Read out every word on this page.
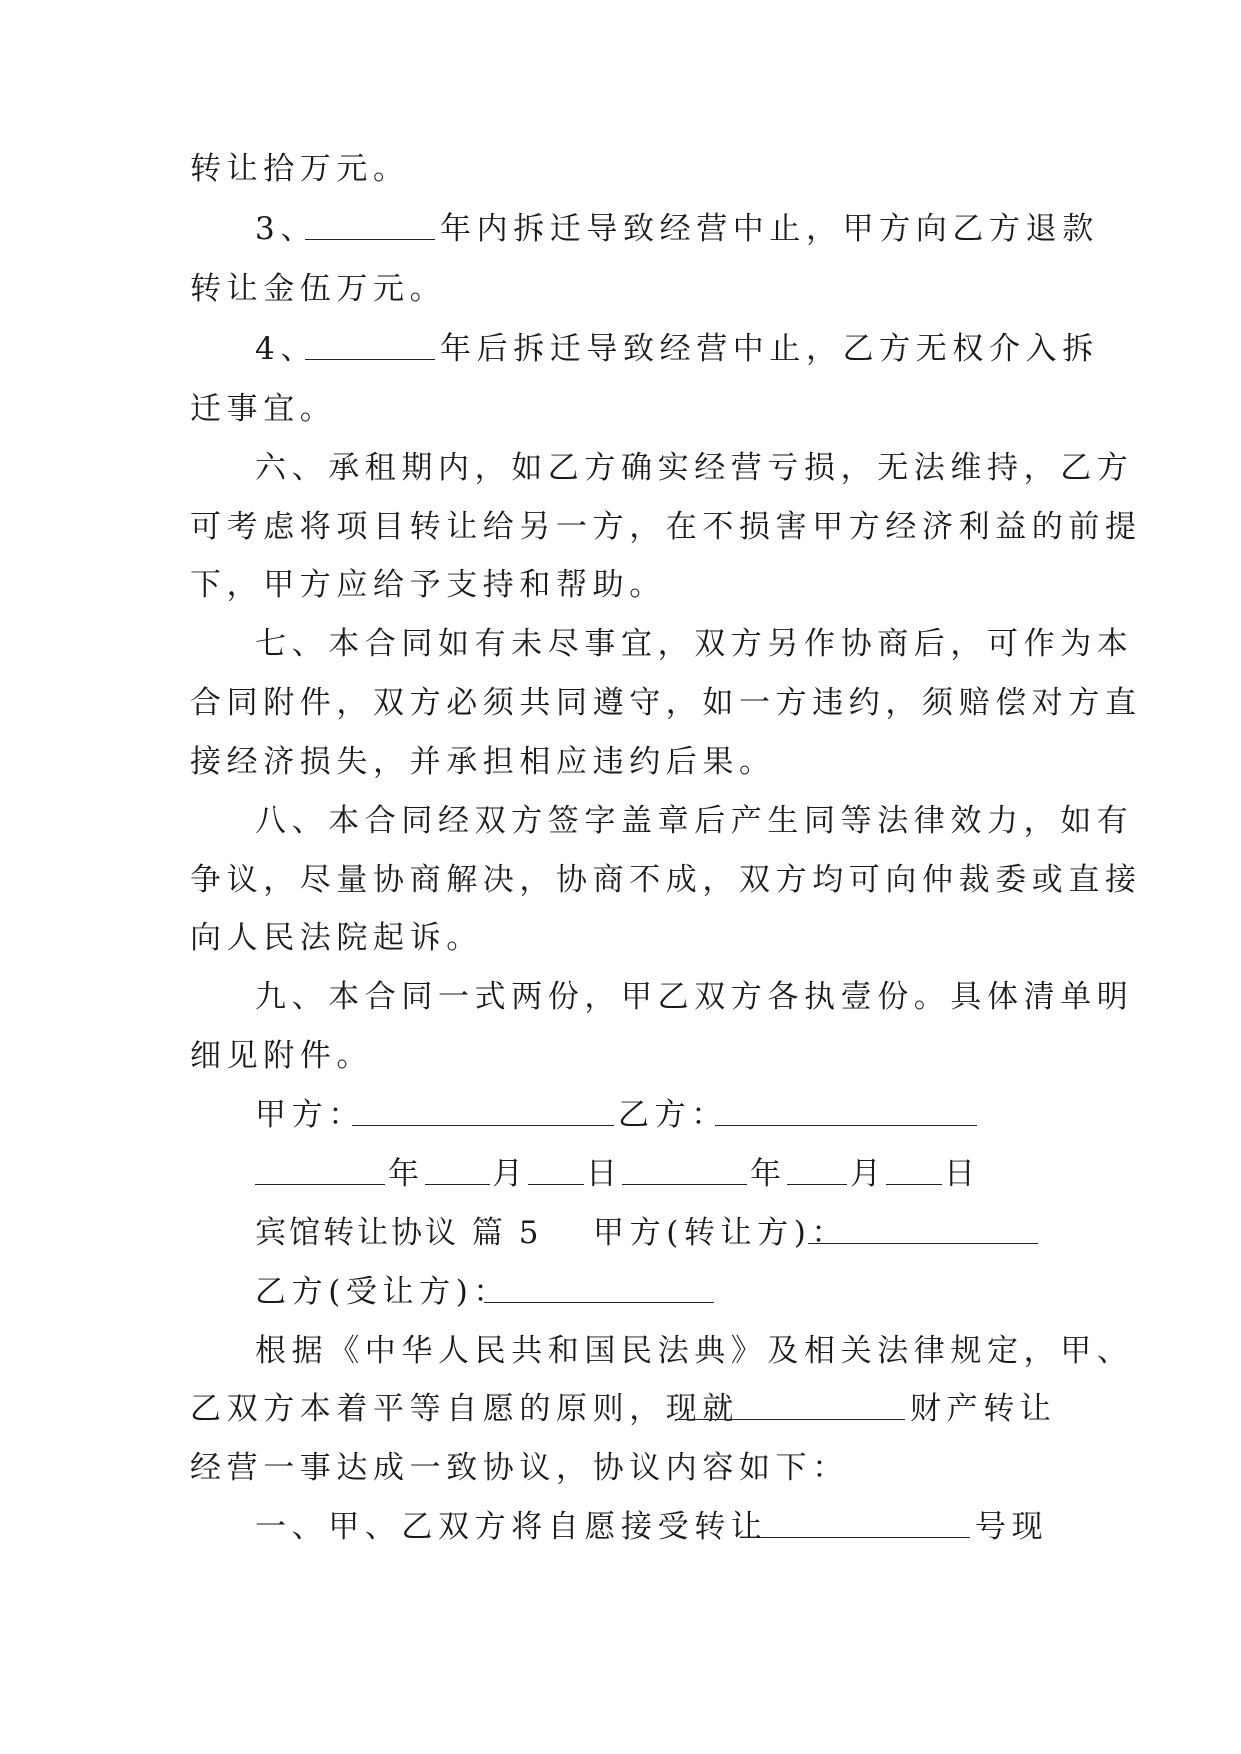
转让拾万元。

3、	年内拆迁导致经营中止，甲方向乙方退款

转让金伍万元。

4、	年后拆迁导致经营中止，乙方无权介入拆

迁事宜。

六、承租期内，如乙方确实经营亏损，无法维持，乙方

可考虑将项目转让给另一方，在不损害甲方经济利益的前提

下，甲方应给予支持和帮助。

七、本合同如有未尽事宜，双方另作协商后，可作为本

合同附件，双方必须共同遵守，如一方违约，须赔偿对方直

接经济损失，并承担相应违约后果。

八、本合同经双方签字盖章后产生同等法律效力，如有

争议，尽量协商解决，协商不成，双方均可向仲裁委或直接

向人民法院起诉。

九、本合同一式两份，甲乙双方各执壹份。具体清单明

细见附件。

甲方：	乙方：
年 月 日	年 月 日
宾馆转让协议 篇 5 甲方(转让方)：
乙方(受让方)：

根据《中华人民共和国民法典》及相关法律规定，甲、

乙双方本着平等自愿的原则，现就	财产转让

经营一事达成一致协议，协议内容如下：

一、甲、乙双方将自愿接受转让	号现
